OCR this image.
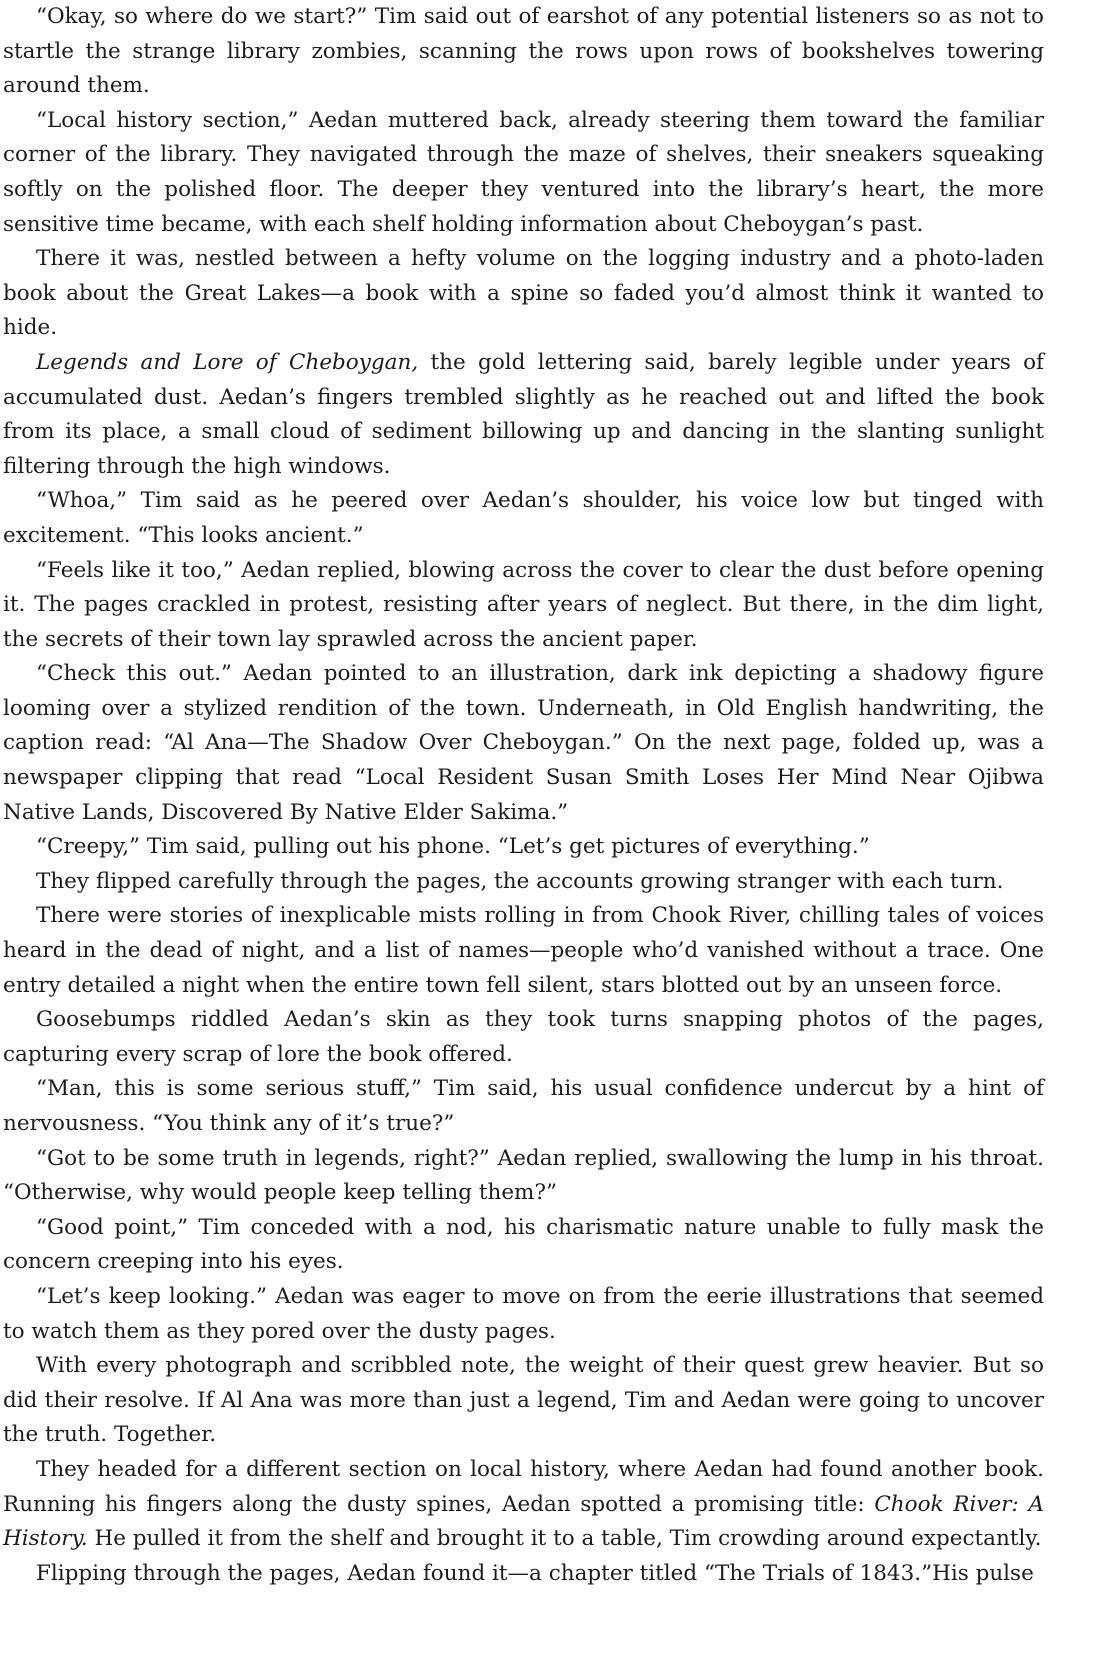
“Okay, so where do we start?” Tim said out of earshot of any potential listeners so as not to startle the strange library zombies, scanning the rows upon rows of bookshelves towering around them.

“Local history section,” Aedan muttered back, already steering them toward the familiar corner of the library. They navigated through the maze of shelves, their sneakers squeaking softly on the polished floor. The deeper they ventured into the library’s heart, the more sensitive time became, with each shelf holding information about Cheboygan’s past.

There it was, nestled between a hefty volume on the logging industry and a photo-laden book about the Great Lakes—a book with a spine so faded you’d almost think it wanted to hide.

Legends and Lore of Cheboygan, the gold lettering said, barely legible under years of accumulated dust. Aedan’s fingers trembled slightly as he reached out and lifted the book from its place, a small cloud of sediment billowing up and dancing in the slanting sunlight filtering through the high windows.

“Whoa,” Tim said as he peered over Aedan’s shoulder, his voice low but tinged with excitement. “This looks ancient.”

“Feels like it too,” Aedan replied, blowing across the cover to clear the dust before opening it. The pages crackled in protest, resisting after years of neglect. But there, in the dim light, the secrets of their town lay sprawled across the ancient paper.

“Check this out.” Aedan pointed to an illustration, dark ink depicting a shadowy figure looming over a stylized rendition of the town. Underneath, in Old English handwriting, the caption read: “Al Ana—The Shadow Over Cheboygan.” On the next page, folded up, was a newspaper clipping that read “Local Resident Susan Smith Loses Her Mind Near Ojibwa Native Lands, Discovered By Native Elder Sakima.”

“Creepy,” Tim said, pulling out his phone. “Let’s get pictures of everything.”

They flipped carefully through the pages, the accounts growing stranger with each turn.

There were stories of inexplicable mists rolling in from Chook River, chilling tales of voices heard in the dead of night, and a list of names—people who’d vanished without a trace. One entry detailed a night when the entire town fell silent, stars blotted out by an unseen force.

Goosebumps riddled Aedan’s skin as they took turns snapping photos of the pages, capturing every scrap of lore the book offered.

“Man, this is some serious stuff,” Tim said, his usual confidence undercut by a hint of nervousness. “You think any of it’s true?”

“Got to be some truth in legends, right?” Aedan replied, swallowing the lump in his throat. “Otherwise, why would people keep telling them?”

“Good point,” Tim conceded with a nod, his charismatic nature unable to fully mask the concern creeping into his eyes.

“Let’s keep looking.” Aedan was eager to move on from the eerie illustrations that seemed to watch them as they pored over the dusty pages.

With every photograph and scribbled note, the weight of their quest grew heavier. But so did their resolve. If Al Ana was more than just a legend, Tim and Aedan were going to uncover the truth. Together.

They headed for a different section on local history, where Aedan had found another book. Running his fingers along the dusty spines, Aedan spotted a promising title: Chook River: A History. He pulled it from the shelf and brought it to a table, Tim crowding around expectantly.

Flipping through the pages, Aedan found it—a chapter titled “The Trials of 1843.”His pulse
